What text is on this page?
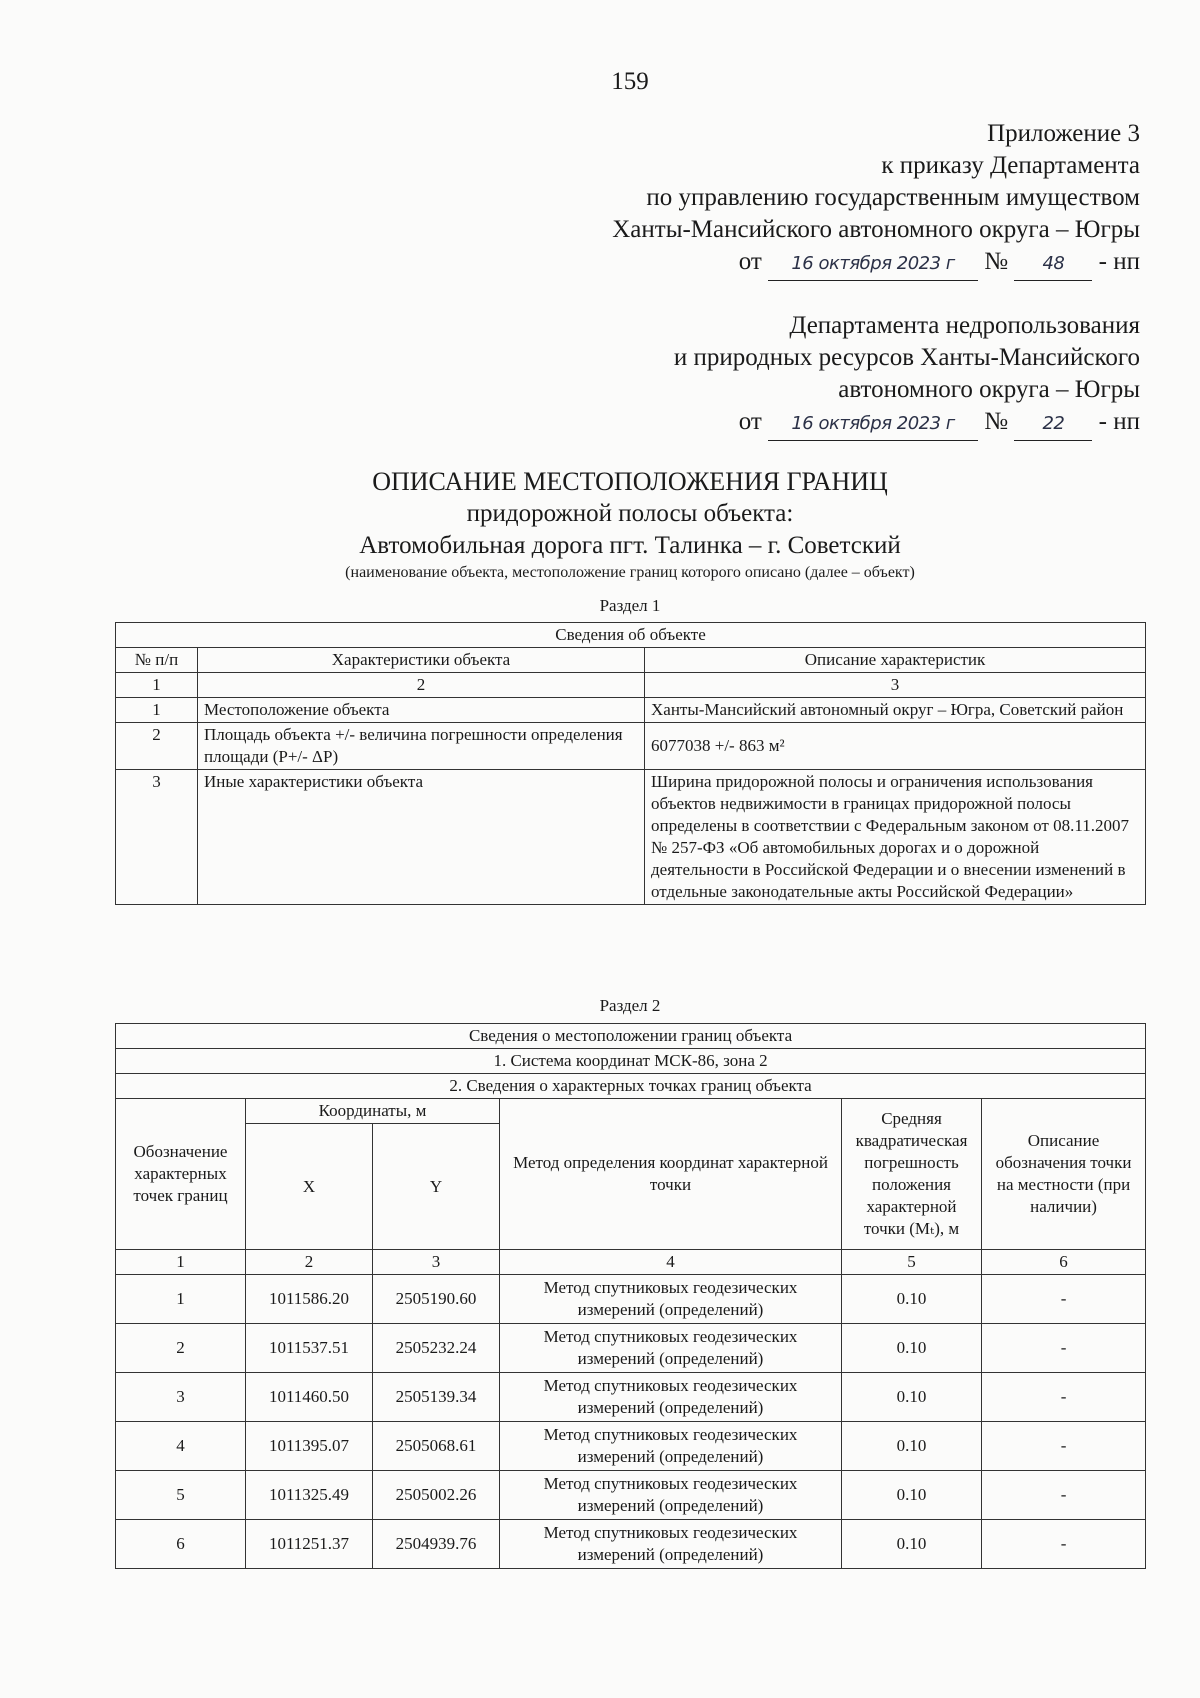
159
Приложение 3
к приказу Департамента
по управлению государственным имуществом
Ханты-Мансийского автономного округа – Югры
от 16 октября 2023 г № 48 - нп
Департамента недропользования
и природных ресурсов Ханты-Мансийского
автономного округа – Югры
от 16 октября 2023 г № 22 - нп
ОПИСАНИЕ МЕСТОПОЛОЖЕНИЯ ГРАНИЦ
придорожной полосы объекта:
Автомобильная дорога пгт. Талинка – г. Советский
(наименование объекта, местоположение границ которого описано (далее – объект)
Раздел 1
Сведения об объекте		
№ п/п	Характеристики объекта	Описание характеристик
1	2	3
1	Местоположение объекта	Ханты-Мансийский автономный округ – Югра, Советский район
2	Площадь объекта +/- величина погрешности определения площади (Р+/- ΔР)	6077038 +/- 863 м²
3	Иные характеристики объекта	Ширина придорожной полосы и ограничения использования объектов недвижимости в границах придорожной полосы определены в соответствии с Федеральным законом от 08.11.2007 № 257-ФЗ «Об автомобильных дорогах и о дорожной деятельности в Российской Федерации и о внесении изменений в отдельные законодательные акты Российской Федерации»
Раздел 2
Сведения о местоположении границ объекта					
1. Система координат МСК-86, зона 2					
2. Сведения о характерных точках границ объекта					
Обозначение характерных точек границ	Координаты, м		Метод определения координат характерной точки	Средняя квадратическая погрешность положения характерной точки (Mₜ), м	Описание обозначения точки на местности (при наличии)
	X	Y			
1	2	3	4	5	6
1	1011586.20	2505190.60	Метод спутниковых геодезических измерений (определений)	0.10	-
2	1011537.51	2505232.24	Метод спутниковых геодезических измерений (определений)	0.10	-
3	1011460.50	2505139.34	Метод спутниковых геодезических измерений (определений)	0.10	-
4	1011395.07	2505068.61	Метод спутниковых геодезических измерений (определений)	0.10	-
5	1011325.49	2505002.26	Метод спутниковых геодезических измерений (определений)	0.10	-
6	1011251.37	2504939.76	Метод спутниковых геодезических измерений (определений)	0.10	-
